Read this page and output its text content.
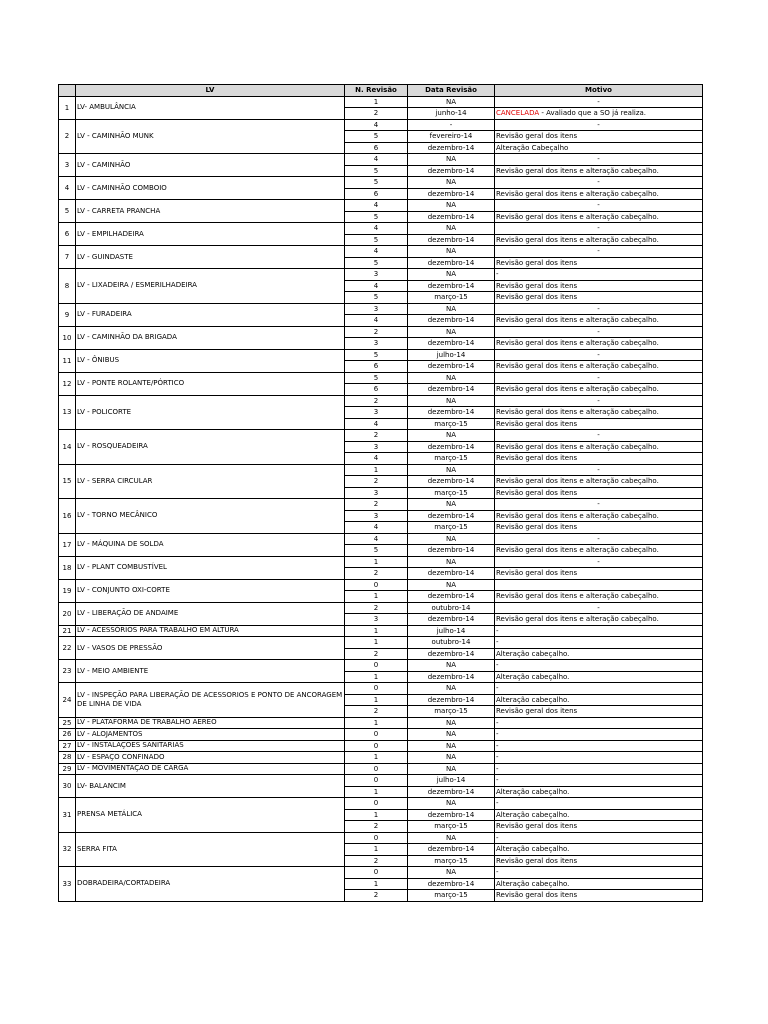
	LV	N. Revisão	Data Revisão	Motivo
1	LV- AMBULÂNCIA	1	NA	-
		2	junho-14	CANCELADA - Avaliado que a SO já realiza.
2	LV - CAMINHÃO MUNK	4	-	-
		5	fevereiro-14	Revisão geral dos itens
		6	dezembro-14	Alteração Cabeçalho
3	LV - CAMINHÃO	4	NA	-
		5	dezembro-14	Revisão geral dos itens e alteração cabeçalho.
4	LV - CAMINHÃO COMBOIO	5	NA	-
		6	dezembro-14	Revisão geral dos itens e alteração cabeçalho.
5	LV - CARRETA PRANCHA	4	NA	-
		5	dezembro-14	Revisão geral dos itens e alteração cabeçalho.
6	LV - EMPILHADEIRA	4	NA	-
		5	dezembro-14	Revisão geral dos itens e alteração cabeçalho.
7	LV - GUINDASTE	4	NA	-
		5	dezembro-14	Revisão geral dos itens
8	LV - LIXADEIRA / ESMERILHADEIRA	3	NA	-
		4	dezembro-14	Revisão geral dos itens
		5	março-15	Revisão geral dos itens
9	LV - FURADEIRA	3	NA	-
		4	dezembro-14	Revisão geral dos itens e alteração cabeçalho.
10	LV - CAMINHÃO DA BRIGADA	2	NA	-
		3	dezembro-14	Revisão geral dos itens e alteração cabeçalho.
11	LV - ÔNIBUS	5	julho-14	-
		6	dezembro-14	Revisão geral dos itens e alteração cabeçalho.
12	LV - PONTE ROLANTE/PÓRTICO	5	NA	-
		6	dezembro-14	Revisão geral dos itens e alteração cabeçalho.
13	LV - POLICORTE	2	NA	-
		3	dezembro-14	Revisão geral dos itens e alteração cabeçalho.
		4	março-15	Revisão geral dos itens
14	LV - ROSQUEADEIRA	2	NA	-
		3	dezembro-14	Revisão geral dos itens e alteração cabeçalho.
		4	março-15	Revisão geral dos itens
15	LV - SERRA CIRCULAR	1	NA	-
		2	dezembro-14	Revisão geral dos itens e alteração cabeçalho.
		3	março-15	Revisão geral dos itens
16	LV - TORNO MECÂNICO	2	NA	-
		3	dezembro-14	Revisão geral dos itens e alteração cabeçalho.
		4	março-15	Revisão geral dos itens
17	LV - MÁQUINA DE SOLDA	4	NA	-
		5	dezembro-14	Revisão geral dos itens e alteração cabeçalho.
18	LV - PLANT COMBUSTÍVEL	1	NA	-
		2	dezembro-14	Revisão geral dos itens
19	LV - CONJUNTO OXI-CORTE	0	NA	
		1	dezembro-14	Revisão geral dos itens e alteração cabeçalho.
20	LV - LIBERAÇÃO DE ANDAIME	2	outubro-14	-
		3	dezembro-14	Revisão geral dos itens e alteração cabeçalho.
21	LV - ACESSÓRIOS PARA TRABALHO EM ALTURA	1	julho-14	-
22	LV - VASOS DE PRESSÃO	1	outubro-14	-
		2	dezembro-14	Alteração cabeçalho.
23	LV - MEIO AMBIENTE	0	NA	-
		1	dezembro-14	Alteração cabeçalho.
24	LV - INSPEÇÃO PARA LIBERAÇÃO DE ACESSORIOS E PONTO DE ANCORAGEM DE LINHA DE VIDA	0	NA	-
		1	dezembro-14	Alteração cabeçalho.
		2	março-15	Revisão geral dos itens
25	LV - PLATAFORMA DE TRABALHO AEREO	1	NA	-
26	LV - ALOJAMENTOS	0	NA	-
27	LV - INSTALAÇÕES SANITARIAS	0	NA	-
28	LV - ESPAÇO CONFINADO	1	NA	-
29	LV - MOVIMENTAÇÃO DE CARGA	0	NA	-
30	LV- BALANCIM	0	julho-14	-
		1	dezembro-14	Alteração cabeçalho.
31	PRENSA METÁLICA	0	NA	-
		1	dezembro-14	Alteração cabeçalho.
		2	março-15	Revisão geral dos itens
32	SERRA FITA	0	NA	-
		1	dezembro-14	Alteração cabeçalho.
		2	março-15	Revisão geral dos itens
33	DOBRADEIRA/CORTADEIRA	0	NA	-
		1	dezembro-14	Alteração cabeçalho.
		2	março-15	Revisão geral dos itens
